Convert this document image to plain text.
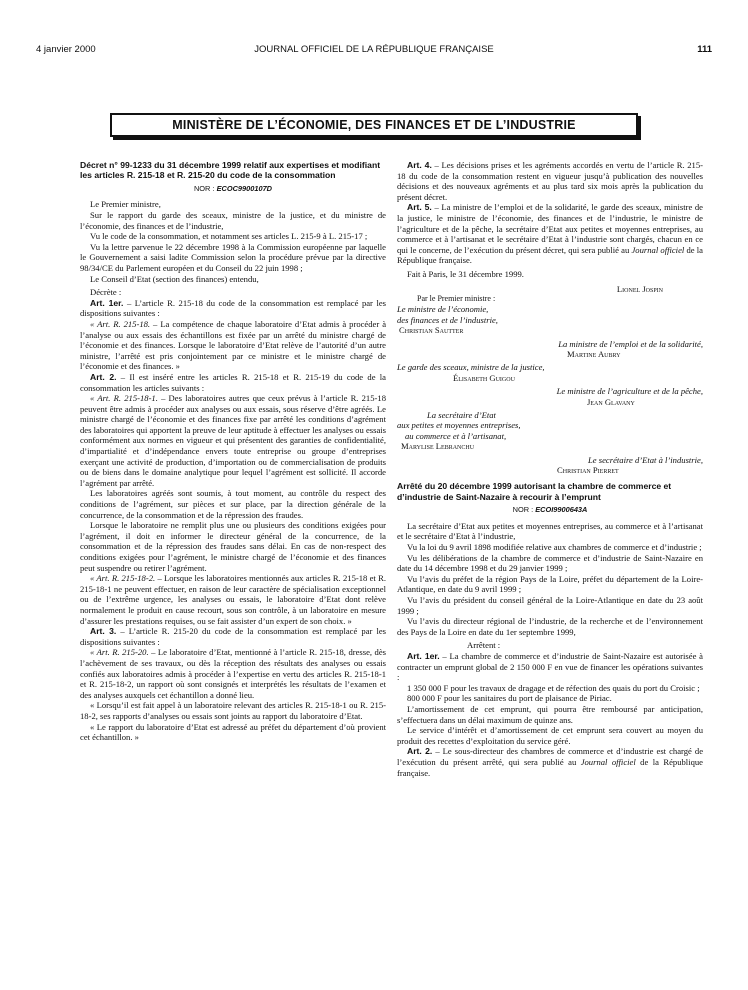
4 janvier 2000	JOURNAL OFFICIEL DE LA RÉPUBLIQUE FRANÇAISE	111
MINISTÈRE DE L’ÉCONOMIE, DES FINANCES ET DE L’INDUSTRIE

Décret n° 99-1233 du 31 décembre 1999 relatif aux expertises et modifiant les articles R. 215-18 et R. 215-20 du code de la consommation

NOR : ECOC9900107D

Le Premier ministre,

Sur le rapport du garde des sceaux, ministre de la justice, et du ministre de l’économie, des finances et de l’industrie,

Vu le code de la consommation, et notamment ses articles L. 215-9 à L. 215-17 ;

Vu la lettre parvenue le 22 décembre 1998 à la Commission européenne par laquelle le Gouvernement a saisi ladite Commission selon la procédure prévue par la directive 98/34/CE du Parlement européen et du Conseil du 22 juin 1998 ;

Le Conseil d’Etat (section des finances) entendu,

Décrète :

Art. 1er. – L’article R. 215-18 du code de la consommation est remplacé par les dispositions suivantes :

« Art. R. 215-18. – La compétence de chaque laboratoire d’Etat admis à procéder à l’analyse ou aux essais des échantillons est fixée par un arrêté du ministre chargé de l’économie et des finances. Lorsque le laboratoire d’Etat relève de l’autorité d’un autre ministre, l’arrêté est pris conjointement par ce ministre et le ministre chargé de l’économie et des finances. »

Art. 2. – Il est inséré entre les articles R. 215-18 et R. 215-19 du code de la consommation les articles suivants :

« Art. R. 215-18-1. – Des laboratoires autres que ceux prévus à l’article R. 215-18 peuvent être admis à procéder aux analyses ou aux essais, sous réserve d’être agréés. Le ministre chargé de l’économie et des finances fixe par arrêté les conditions d’agrément des laboratoires qui apportent la preuve de leur aptitude à effectuer les analyses ou essais conformément aux normes en vigueur et qui présentent des garanties de confidentialité, d’impartialité et d’indépendance envers toute entreprise ou groupe d’entreprises exerçant une activité de production, d’importation ou de commercialisation de produits ou de biens dans le domaine analytique pour lequel l’agrément est sollicité. Il accorde l’agrément par arrêté.

Les laboratoires agréés sont soumis, à tout moment, au contrôle du respect des conditions de l’agrément, sur pièces et sur place, par la direction générale de la concurrence, de la consommation et de la répression des fraudes.

Lorsque le laboratoire ne remplit plus une ou plusieurs des conditions exigées pour l’agrément, il doit en informer le directeur général de la concurrence, de la consommation et de la répression des fraudes sans délai. En cas de non-respect des conditions exigées pour l’agrément, le ministre chargé de l’économie et des finances peut suspendre ou retirer l’agrément.

« Art. R. 215-18-2. – Lorsque les laboratoires mentionnés aux articles R. 215-18 et R. 215-18-1 ne peuvent effectuer, en raison de leur caractère de spécialisation exceptionnel ou de l’extrême urgence, les analyses ou essais, le laboratoire d’Etat dont relève normalement le produit en cause recourt, sous son contrôle, à un laboratoire en mesure d’assurer les prestations requises, ou se fait assister d’un expert de son choix. »

Art. 3. – L’article R. 215-20 du code de la consommation est remplacé par les dispositions suivantes :

« Art. R. 215-20. – Le laboratoire d’Etat, mentionné à l’article R. 215-18, dresse, dès l’achèvement de ses travaux, ou dès la réception des résultats des analyses ou essais confiés aux laboratoires admis à procéder à l’expertise en vertu des articles R. 215-18-1 et R. 215-18-2, un rapport où sont consignés et interprétés les résultats de l’examen et des analyses auxquels cet échantillon a donné lieu.

« Lorsqu’il est fait appel à un laboratoire relevant des articles R. 215-18-1 ou R. 215-18-2, ses rapports d’analyses ou essais sont joints au rapport du laboratoire d’Etat.

« Le rapport du laboratoire d’Etat est adressé au préfet du département d’où provient cet échantillon. »

Art. 4. – Les décisions prises et les agréments accordés en vertu de l’article R. 215-18 du code de la consommation restent en vigueur jusqu’à publication des nouvelles décisions et des nouveaux agréments et au plus tard six mois après la publication du présent décret.

Art. 5. – La ministre de l’emploi et de la solidarité, le garde des sceaux, ministre de la justice, le ministre de l’économie, des finances et de l’industrie, le ministre de l’agriculture et de la pêche, la secrétaire d’Etat aux petites et moyennes entreprises, au commerce et à l’artisanat et le secrétaire d’Etat à l’industrie sont chargés, chacun en ce qui le concerne, de l’exécution du présent décret, qui sera publié au Journal officiel de la République française.

Fait à Paris, le 31 décembre 1999.

Lionel Jospin

Par le Premier ministre :

Le ministre de l’économie,

des finances et de l’industrie,

Christian Sautter

La ministre de l’emploi et de la solidarité,

Martine Aubry

Le garde des sceaux, ministre de la justice,

Élisabeth Guigou

Le ministre de l’agriculture et de la pêche,

Jean Glavany

La secrétaire d’Etat

aux petites et moyennes entreprises,

au commerce et à l’artisanat,

Marylise Lebranchu

Le secrétaire d’Etat à l’industrie,

Christian Pierret

Arrêté du 20 décembre 1999 autorisant la chambre de commerce et d’industrie de Saint-Nazaire à recourir à l’emprunt

NOR : ECOI9900643A

La secrétaire d’Etat aux petites et moyennes entreprises, au commerce et à l’artisanat et le secrétaire d’Etat à l’industrie,

Vu la loi du 9 avril 1898 modifiée relative aux chambres de commerce et d’industrie ;

Vu les délibérations de la chambre de commerce et d’industrie de Saint-Nazaire en date du 14 décembre 1998 et du 29 janvier 1999 ;

Vu l’avis du préfet de la région Pays de la Loire, préfet du département de la Loire-Atlantique, en date du 9 avril 1999 ;

Vu l’avis du président du conseil général de la Loire-Atlantique en date du 23 août 1999 ;

Vu l’avis du directeur régional de l’industrie, de la recherche et de l’environnement des Pays de la Loire en date du 1er septembre 1999,

Arrêtent :

Art. 1er. – La chambre de commerce et d’industrie de Saint-Nazaire est autorisée à contracter un emprunt global de 2 150 000 F en vue de financer les opérations suivantes :

1 350 000 F pour les travaux de dragage et de réfection des quais du port du Croisic ;

800 000 F pour les sanitaires du port de plaisance de Piriac.

L’amortissement de cet emprunt, qui pourra être remboursé par anticipation, s’effectuera dans un délai maximum de quinze ans.

Le service d’intérêt et d’amortissement de cet emprunt sera couvert au moyen du produit des recettes d’exploitation du service géré.

Art. 2. – Le sous-directeur des chambres de commerce et d’industrie est chargé de l’exécution du présent arrêté, qui sera publié au Journal officiel de la République française.
